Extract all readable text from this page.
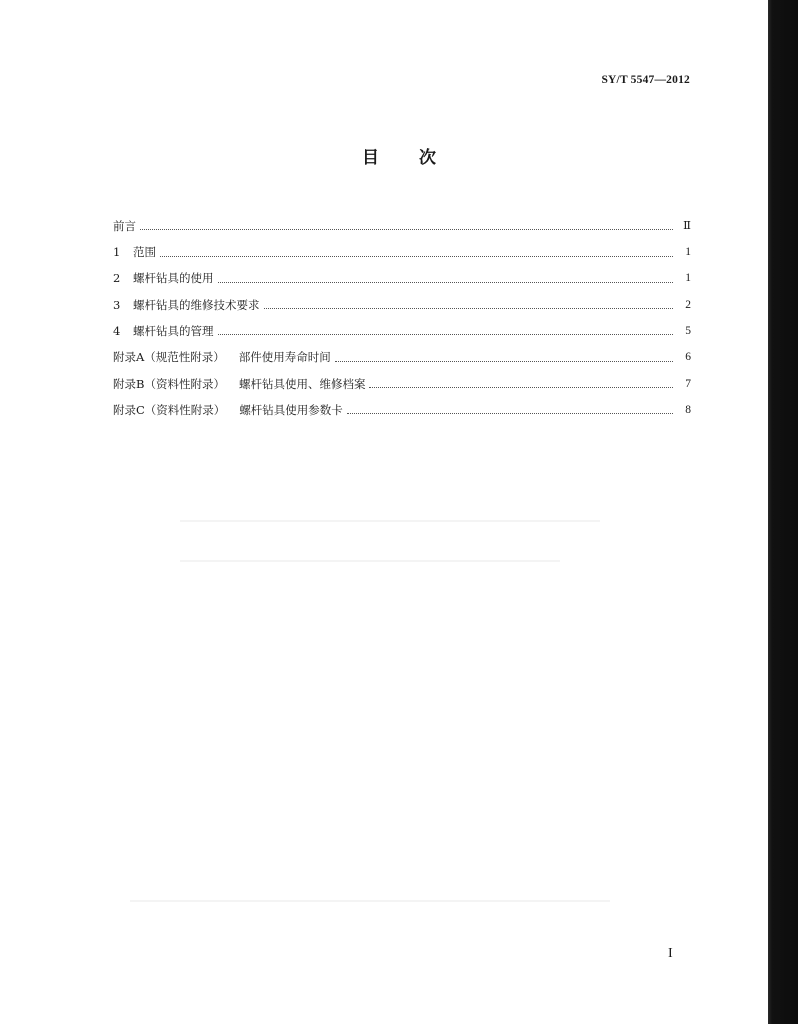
SY/T 5547—2012
目 次
前言	Ⅱ
1	范围	1
2	螺杆钻具的使用	1
3	螺杆钻具的维修技术要求	2
4	螺杆钻具的管理	5
附录A（规范性附录） 部件使用寿命时间	6
附录B（资料性附录） 螺杆钻具使用、维修档案	7
附录C（资料性附录） 螺杆钻具使用参数卡	8
I
